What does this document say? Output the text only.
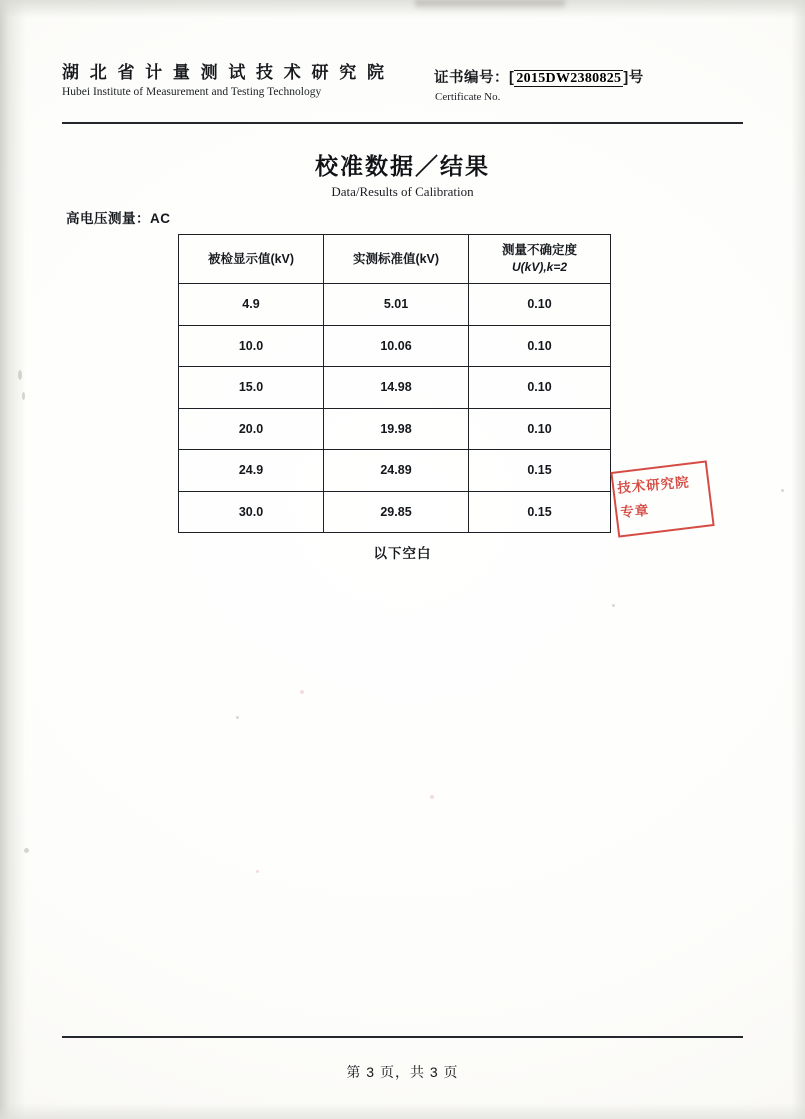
湖 北 省 计 量 测 试 技 术 研 究 院
Hubei Institute of Measurement and Testing Technology
证书编号：[ 2015DW2380825 ]号
Certificate No.
校准数据／结果
Data/Results of Calibration
高电压测量：AC
被检显示值(kV)	实测标准值(kV)	测量不确定度
U(kV),k=2

4.9	5.01	0.10
10.0	10.06	0.10
15.0	14.98	0.10
20.0	19.98	0.10
24.9	24.89	0.15
30.0	29.85	0.15
以下空白
技术研究院
专章
第 3 页，共 3 页
